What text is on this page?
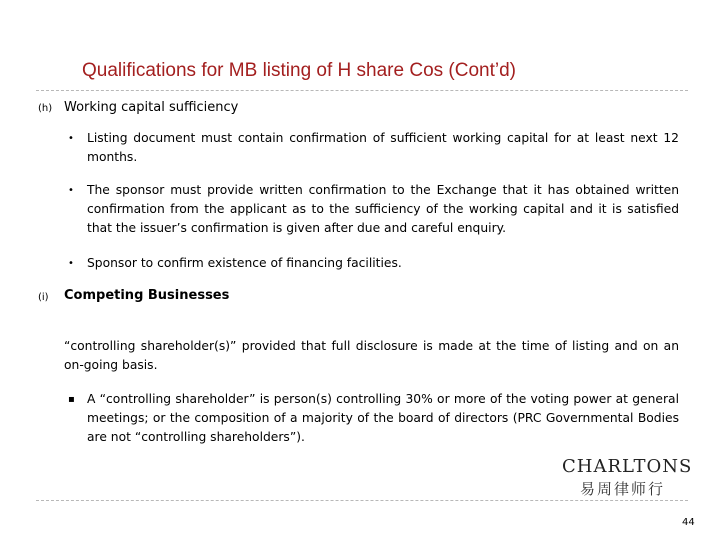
Qualifications for MB listing of H share Cos (Cont’d)
(h) Working capital sufficiency
• Listing document must contain confirmation of sufficient working capital for at least next 12 months.
• The sponsor must provide written confirmation to the Exchange that it has obtained written confirmation from the applicant as to the sufficiency of the working capital and it is satisfied that the issuer’s confirmation is given after due and careful enquiry.
• Sponsor to confirm existence of financing facilities.
(i) Competing Businesses
“controlling shareholder(s)” provided that full disclosure is made at the time of listing and on an on-going basis.
▪ A “controlling shareholder” is person(s) controlling 30% or more of the voting power at general meetings; or the composition of a majority of the board of directors (PRC Governmental Bodies are not “controlling shareholders”).
CHARLTONS
易周律师行
44
